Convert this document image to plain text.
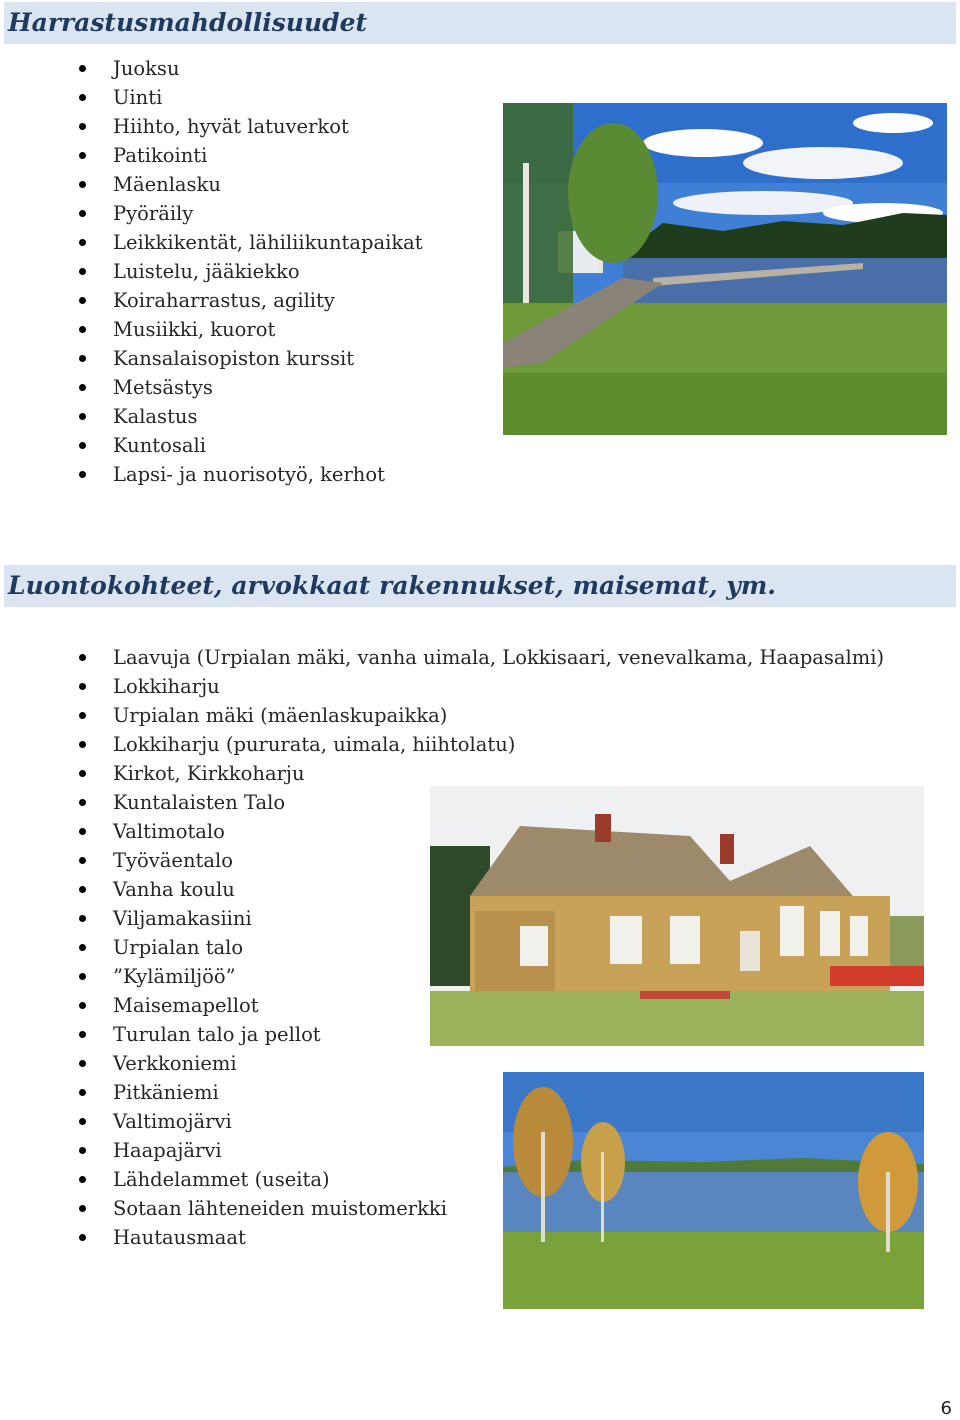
Harrastusmahdollisuudet
Juoksu
Uinti
Hiihto, hyvät latuverkot
Patikointi
Mäenlasku
Pyöräily
Leikkikentät, lähiliikuntapaikat
Luistelu, jääkiekko
Koiraharrastus, agility
Musiikki, kuorot
Kansalaisopiston kurssit
Metsästys
Kalastus
Kuntosali
Lapsi- ja nuorisotyö, kerhot
Luontokohteet, arvokkaat rakennukset, maisemat, ym.
Laavuja (Urpialan mäki, vanha uimala, Lokkisaari, venevalkama, Haapasalmi)
Lokkiharju
Urpialan mäki (mäenlaskupaikka)
Lokkiharju (pururata, uimala, hiihtolatu)
Kirkot, Kirkkoharju
Kuntalaisten Talo
Valtimotalo
Työväentalo
Vanha koulu
Viljamakasiini
Urpialan talo
”Kylämiljöö”
Maisemapellot
Turulan talo ja pellot
Verkkoniemi
Pitkäniemi
Valtimojärvi
Haapajärvi
Lähdelammet (useita)
Sotaan lähteneiden muistomerkki
Hautausmaat
6
